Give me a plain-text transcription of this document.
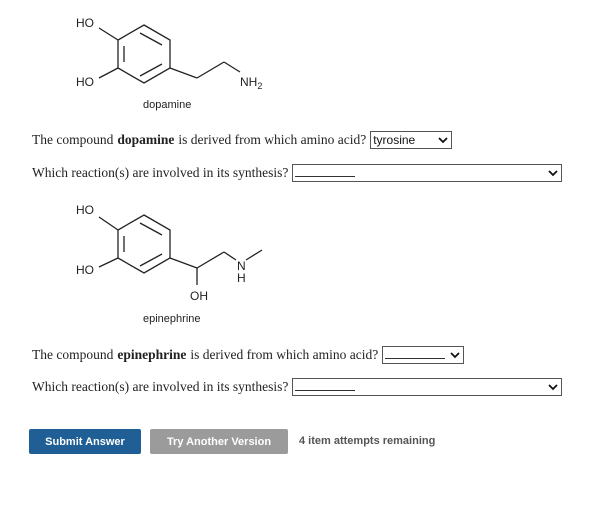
HO
HO	$NH_2$
dopamine
The compound dopamine is derived from which amino acid? tyrosine
Which reaction(s) are involved in its synthesis?
HO
HO
OH
N
H
epinephrine
The compound epinephrine is derived from which amino acid?
Which reaction(s) are involved in its synthesis?
Submit Answer	Try Another Version	4 item attempts remaining
